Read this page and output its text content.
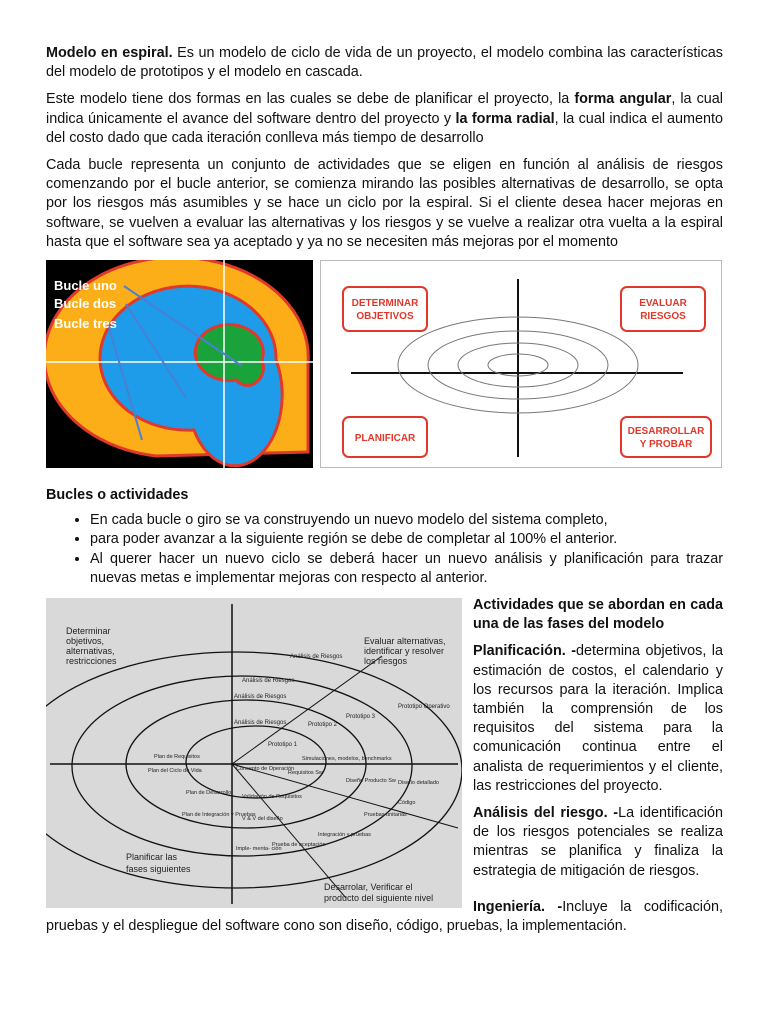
Modelo en espiral. Es un modelo de ciclo de vida de un proyecto, el modelo combina las características del modelo de prototipos y el modelo en cascada.

Este modelo tiene dos formas en las cuales se debe de planificar el proyecto, la forma angular, la cual indica únicamente el avance del software dentro del proyecto y la forma radial, la cual indica el aumento del costo dado que cada iteración conlleva más tiempo de desarrollo

Cada bucle representa un conjunto de actividades que se eligen en función al análisis de riesgos comenzando por el bucle anterior, se comienza mirando las posibles alternativas de desarrollo, se opta por los riesgos más asumibles y se hace un ciclo por la espiral. Si el cliente desea hacer mejoras en software, se vuelven a evaluar las alternativas y los riesgos y se vuelve a realizar otra vuelta a la espiral hasta que el software sea ya aceptado y ya no se necesiten más mejoras por el momento

Bucle uno
Bucle dos
Bucle tres
DETERMINAR
OBJETIVOS
EVALUAR
RIESGOS
PLANIFICAR
DESARROLLAR
Y PROBAR
Bucles o actividades
• En cada bucle o giro se va construyendo un nuevo modelo del sistema completo,
• para poder avanzar a la siguiente región se debe de completar al 100% el anterior.
• Al querer hacer un nuevo ciclo se deberá hacer un nuevo análisis y planificación para trazar nuevas metas e implementar mejoras con respecto al anterior.
Determinar objetivos, alternativas, restricciones
Evaluar alternativas, identificar y resolver los riesgos
Planificar las fases siguientes
Desarrolar, Verificar el producto del siguiente nivel
Análisis de Riesgos
Análisis de Riesgos
Análisis de Riesgos
Análisis de Riesgos
Prototipo 1
Prototipo 2
Prototipo 3
Prototipo Operativo
Plan de Requisitos
Plan del Ciclo de Vida	Concepto de Operación
Requisitos Sw
Simulaciones, modelos, benchmarks
Diseño Producto Sw Diseño detallado
Código
Plan de Desarrollo
Validación de Requisitos
Plan de Integración y Pruebas
V & V del diseño
Pruebas unitarias
Integración y pruebas
Prueba de aceptación
Imple- menta- ción

Actividades que se abordan en cada una de las fases del modelo

Planificación. -determina objetivos, la estimación de costos, el calendario y los recursos para la iteración. Implica también la comprensión de los requisitos del sistema para la comunicación continua entre el analista de requerimientos y el cliente, las restricciones del proyecto.

Análisis del riesgo. -La identificación de los riesgos potenciales se realiza mientras se planifica y finaliza la estrategia de mitigación de riesgos.

Ingeniería. -Incluye la codificación, pruebas y el despliegue del software cono son diseño, código, pruebas, la implementación.
